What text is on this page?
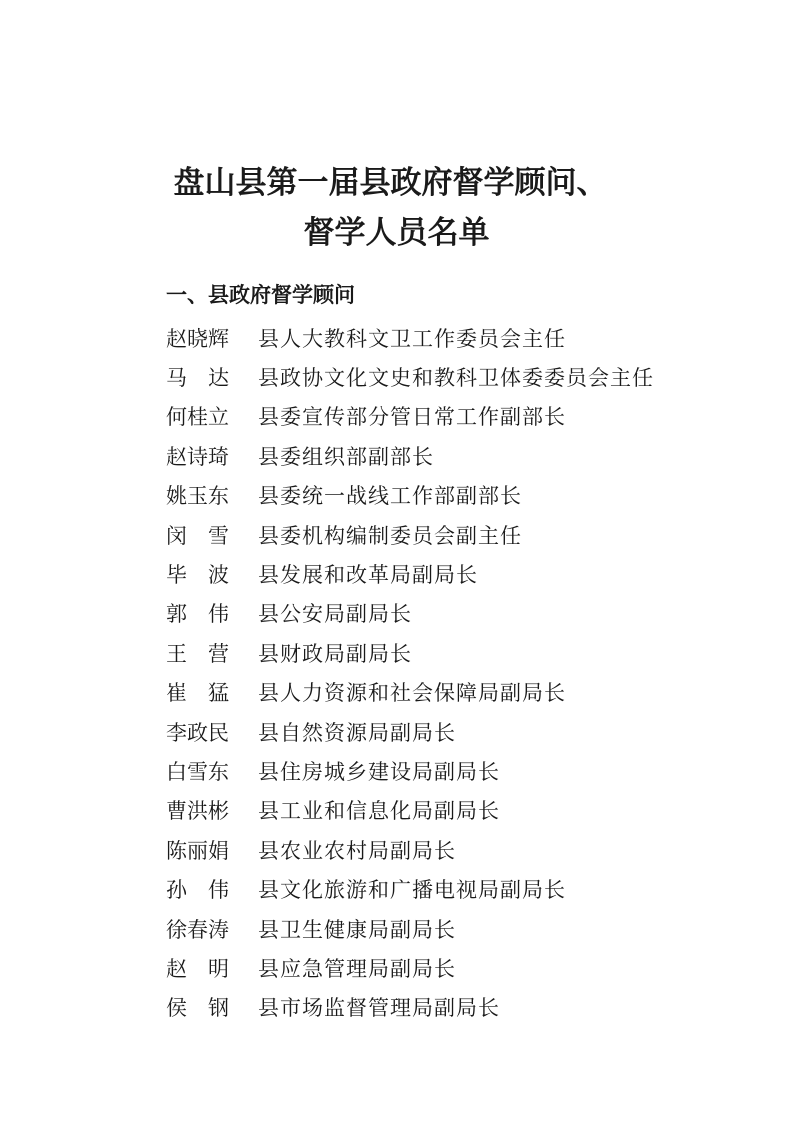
盘山县第一届县政府督学顾问、
督学人员名单
一、县政府督学顾问
赵晓辉	县人大教科文卫工作委员会主任
马　达	县政协文化文史和教科卫体委委员会主任
何桂立	县委宣传部分管日常工作副部长
赵诗琦	县委组织部副部长
姚玉东	县委统一战线工作部副部长
闵　雪	县委机构编制委员会副主任
毕　波	县发展和改革局副局长
郭　伟	县公安局副局长
王　营	县财政局副局长
崔　猛	县人力资源和社会保障局副局长
李政民	县自然资源局副局长
白雪东	县住房城乡建设局副局长
曹洪彬	县工业和信息化局副局长
陈丽娟	县农业农村局副局长
孙　伟	县文化旅游和广播电视局副局长
徐春涛	县卫生健康局副局长
赵　明	县应急管理局副局长
侯　钢	县市场监督管理局副局长
